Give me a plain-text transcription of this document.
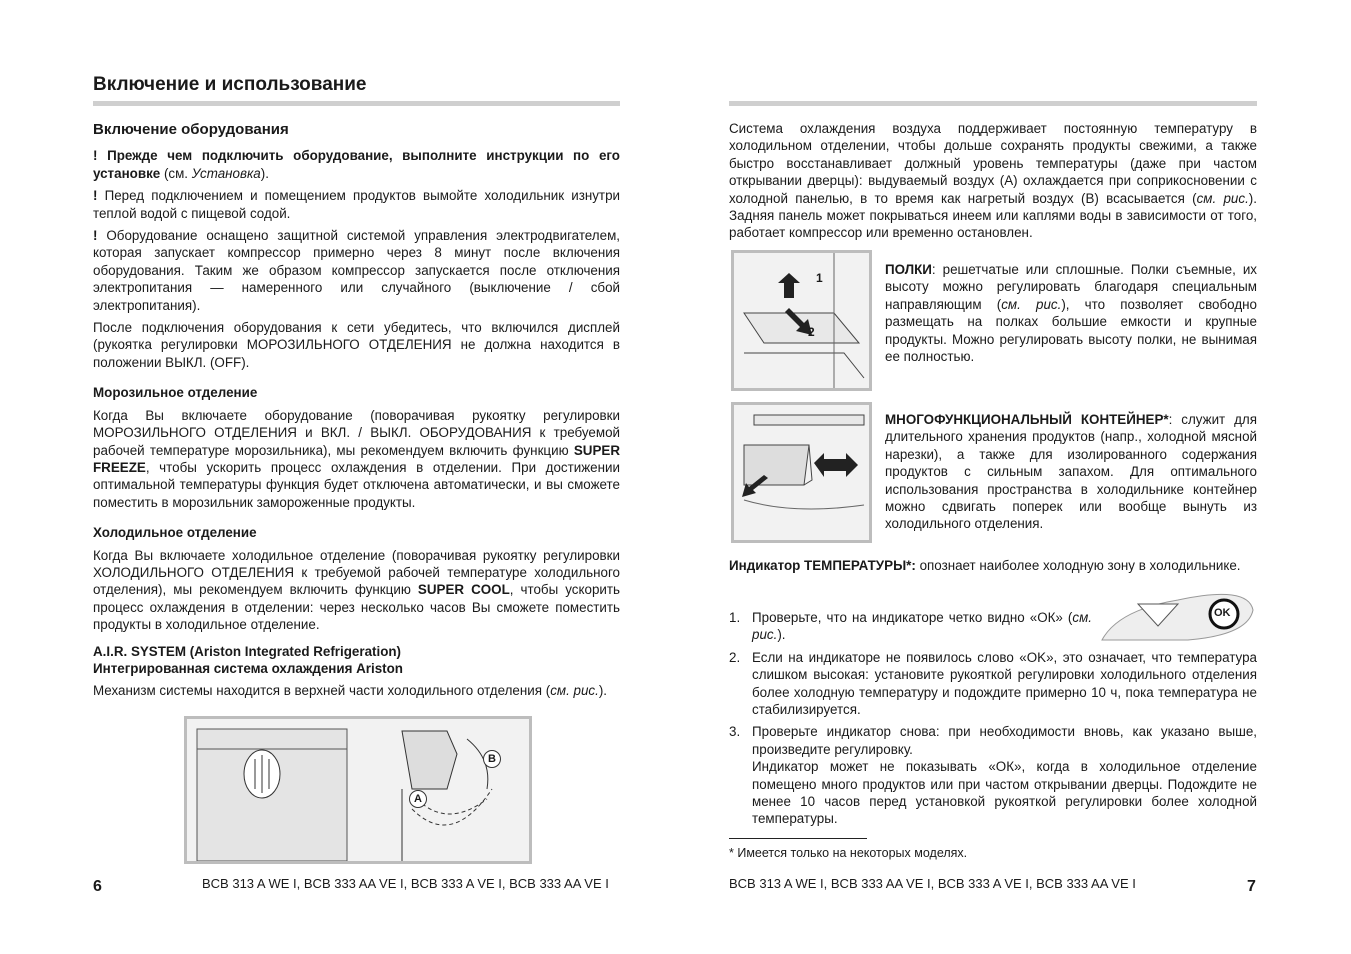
Включение и использование
Включение оборудования

! Прежде чем подключить оборудование, выполните инструкции по его установке (см. Установка).

! Перед подключением и помещением продуктов вымойте холодильник изнутри теплой водой с пищевой содой.

! Оборудование оснащено защитной системой управления электродвигателем, которая запускает компрессор примерно через 8 минут после включения оборудования. Таким же образом компрессор запускается после отключения электропитания — намеренного или случайного (выключение / сбой электропитания).

После подключения оборудования к сети убедитесь, что включился дисплей (рукоятка регулировки МОРОЗИЛЬНОГО ОТДЕЛЕНИЯ не должна находится в положении ВЫКЛ. (OFF).

Морозильное отделение

Когда Вы включаете оборудование (поворачивая рукоятку регулировки МОРОЗИЛЬНОГО ОТДЕЛЕНИЯ и ВКЛ. / ВЫКЛ. ОБОРУДОВАНИЯ к требуемой рабочей температуре морозильника), мы рекомендуем включить функцию SUPER FREEZE, чтобы ускорить процесс охлаждения в отделении. При достижении оптимальной температуры функция будет отключена автоматически, и вы сможете поместить в морозильник замороженные продукты.

Холодильное отделение

Когда Вы включаете холодильное отделение (поворачивая рукоятку регулировки ХОЛОДИЛЬНОГО ОТДЕЛЕНИЯ к требуемой рабочей температуре холодильного отделения), мы рекомендуем включить функцию SUPER COOL, чтобы ускорить процесс охлаждения в отделении: через несколько часов Вы сможете поместить продукты в холодильное отделение.

A.I.R. SYSTEM (Ariston Integrated Refrigeration)
Интегрированная система охлаждения Ariston

Механизм системы находится в верхней части холодильного отделения (см. рис.).

A
B
6	BCB 313 A WE I, BCB 333 AA VE I, BCB 333 A VE I, BCB 333 AA VE I
Система охлаждения воздуха поддерживает постоянную температуру в холодильном отделении, чтобы дольше сохранять продукты свежими, а также быстро восстанавливает должный уровень температуры (даже при частом открывании дверцы): выдуваемый воздух (А) охлаждается при соприкосновении с холодной панелью, в то время как нагретый воздух (В) всасывается (см. рис.). Задняя панель может покрываться инеем или каплями воды в зависимости от того, работает компрессор или временно остановлен.
1
2
ПОЛКИ: решетчатые или сплошные. Полки съемные, их высоту можно регулировать благодаря специальным направляющим (см. рис.), что позволяет свободно размещать на полках большие емкости и крупные продукты. Можно регулировать высоту полки, не вынимая ее полностью.
МНОГОФУНКЦИОНАЛЬНЫЙ КОНТЕЙНЕР*: служит для длительного хранения продуктов (напр., холодной мясной нарезки), а также для изолированного содержания продуктов с сильным запахом. Для оптимального использования пространства в холодильнике контейнер можно сдвигать поперек или вообще вынуть из холодильного отделения.
Индикатор ТЕМПЕРАТУРЫ*: опознает наиболее холодную зону в холодильнике.
OK
1. Проверьте, что на индикаторе четко видно «ОК» (см. рис.).
2. Если на индикаторе не появилось слово «OK», это означает, что температура слишком высокая: установите рукояткой регулировки холодильного отделения более холодную температуру и подождите примерно 10 ч, пока температура не стабилизируется.
3. Проверьте индикатор снова: при необходимости вновь, как указано выше, произведите регулировку.
Индикатор может не показывать «ОК», когда в холодильное отделение помещено много продуктов или при частом открывании дверцы. Подождите не менее 10 часов перед установкой рукояткой регулировки более холодной температуры.
* Имеется только на некоторых моделях.
BCB 313 A WE I, BCB 333 AA VE I, BCB 333 A VE I, BCB 333 AA VE I	7
